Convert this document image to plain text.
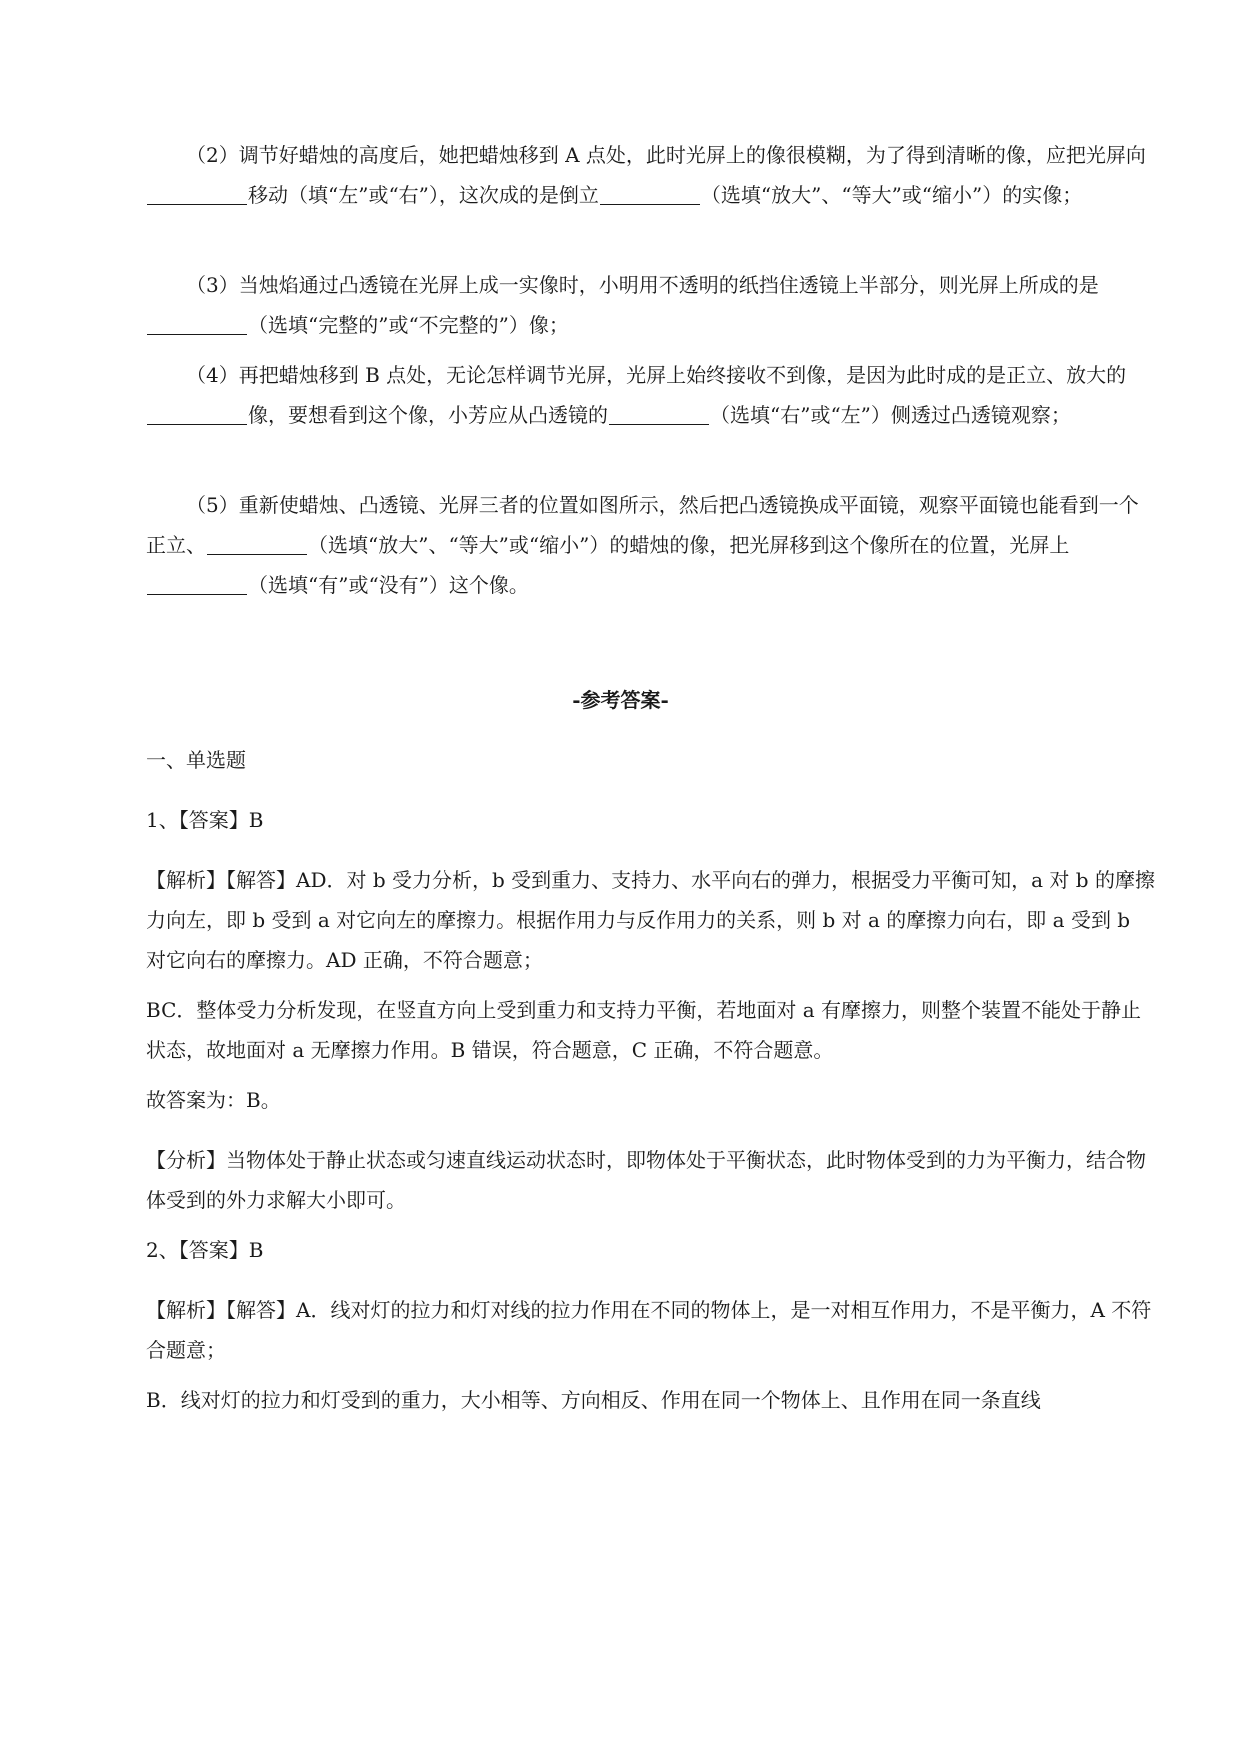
（2）调节好蜡烛的高度后，她把蜡烛移到 A 点处，此时光屏上的像很模糊，为了得到清晰的像，应把光屏向移动（填“左”或“右”），这次成的是倒立	（选填“放大”、“等大”或“缩小”）的实像；
（3）当烛焰通过凸透镜在光屏上成一实像时，小明用不透明的纸挡住透镜上半部分，则光屏上所成的是（选填“完整的”或“不完整的”）像；
（4）再把蜡烛移到 B 点处，无论怎样调节光屏，光屏上始终接收不到像，是因为此时成的是正立、放大的像，要想看到这个像，小芳应从凸透镜的	（选填“右”或“左”）侧透过凸透镜观察；
（5）重新使蜡烛、凸透镜、光屏三者的位置如图所示，然后把凸透镜换成平面镜，观察平面镜也能看到一个正立、	（选填“放大”、“等大”或“缩小”）的蜡烛的像，把光屏移到这个像所在的位置，光屏上（选填“有”或“没有”）这个像。
-参考答案-
一、单选题
1、【答案】B
【解析】【解答】AD．对 b 受力分析，b 受到重力、支持力、水平向右的弹力，根据受力平衡可知，a 对 b 的摩擦力向左，即 b 受到 a 对它向左的摩擦力。根据作用力与反作用力的关系，则 b 对 a 的摩擦力向右，即 a 受到 b 对它向右的摩擦力。AD 正确，不符合题意；
BC．整体受力分析发现，在竖直方向上受到重力和支持力平衡，若地面对 a 有摩擦力，则整个装置不能处于静止状态，故地面对 a 无摩擦力作用。B 错误，符合题意，C 正确，不符合题意。
故答案为：B。
【分析】当物体处于静止状态或匀速直线运动状态时，即物体处于平衡状态，此时物体受到的力为平衡力，结合物体受到的外力求解大小即可。
2、【答案】B
【解析】【解答】A．线对灯的拉力和灯对线的拉力作用在不同的物体上，是一对相互作用力，不是平衡力，A 不符合题意；
B．线对灯的拉力和灯受到的重力，大小相等、方向相反、作用在同一个物体上、且作用在同一条直线
